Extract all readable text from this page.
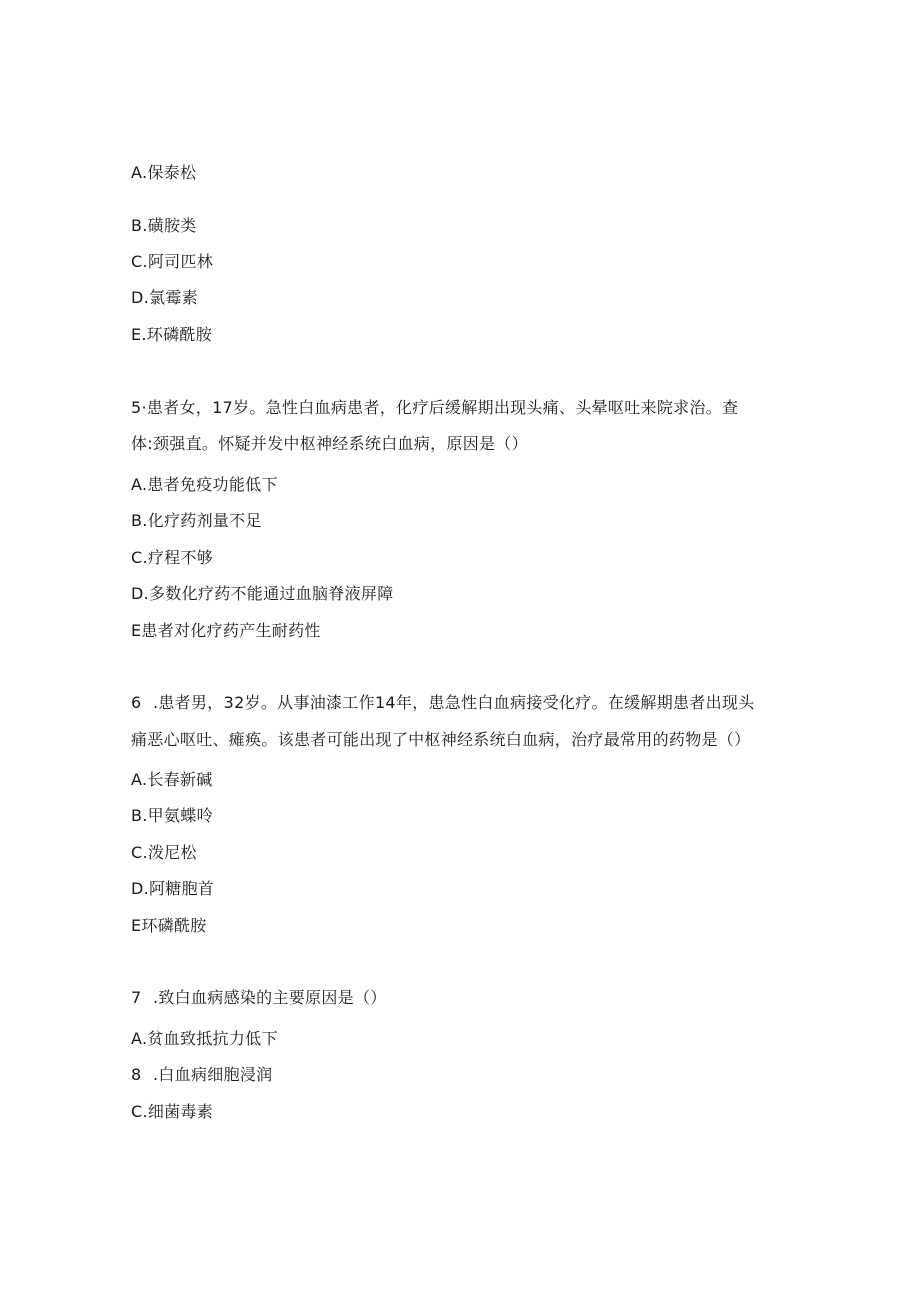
A.保泰松
B.磺胺类
C.阿司匹林
D.氯霉素
E.环磷酰胺
5·患者女，17岁。急性白血病患者，化疗后缓解期出现头痛、头晕呕吐来院求治。查
体:颈强直。怀疑并发中枢神经系统白血病，原因是（）
A.患者免疫功能低下
B.化疗药剂量不足
C.疗程不够
D.多数化疗药不能通过血脑脊液屏障
E患者对化疗药产生耐药性
6 .患者男，32岁。从事油漆工作14年，患急性白血病接受化疗。在缓解期患者出现头
痛恶心呕吐、瘫痪。该患者可能出现了中枢神经系统白血病，治疗最常用的药物是（）
A.长春新碱
B.甲氨蝶呤
C.泼尼松
D.阿糖胞首
E环磷酰胺
7 .致白血病感染的主要原因是（）
A.贫血致抵抗力低下
8 .白血病细胞浸润
C.细菌毒素
